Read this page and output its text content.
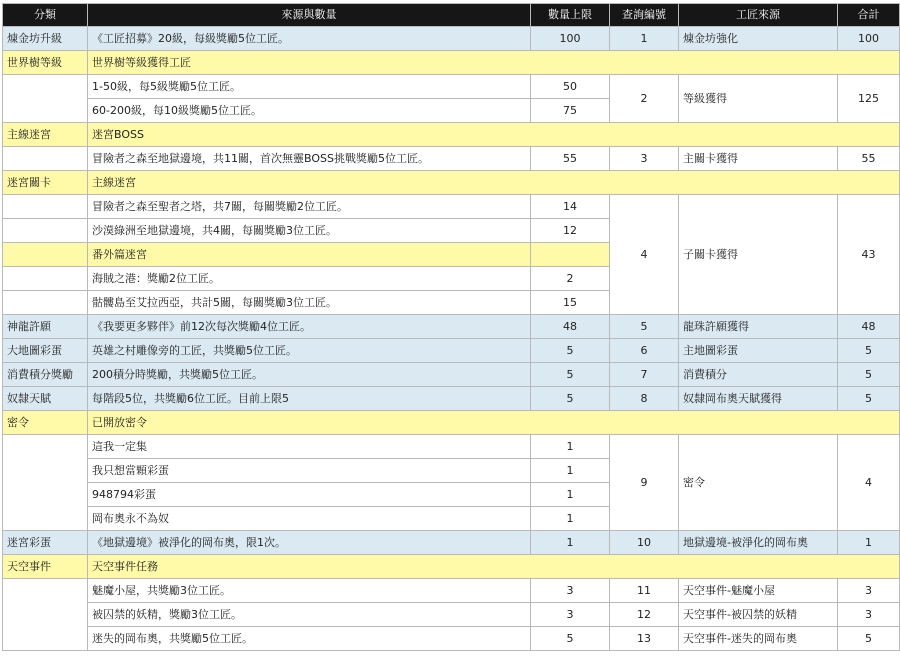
分類	來源與數量	數量上限	查詢編號	工匠來源	合計
煉金坊升級	《工匠招募》20級，每級獎勵5位工匠。	100	1	煉金坊強化	100
世界樹等級	世界樹等級獲得工匠				
	1-50級，每5級獎勵5位工匠。	50	2	等級獲得	125
	60-200級，每10級獎勵5位工匠。	75			
主線迷宮	迷宮BOSS				
	冒險者之森至地獄邊境，共11關，首次無靈BOSS挑戰獎勵5位工匠。	55	3	主關卡獲得	55
迷宮關卡	主線迷宮				
	冒險者之森至聖者之塔，共7關，每關獎勵2位工匠。	14	4	子關卡獲得	43
	沙漠綠洲至地獄邊境，共4關，每關獎勵3位工匠。	12			
	番外篇迷宮				
	海賊之港：獎勵2位工匠。	2			
	骷髏島至艾拉西亞，共計5關，每關獎勵3位工匠。	15			
神龍許願	《我要更多夥伴》前12次每次獎勵4位工匠。	48	5	龍珠許願獲得	48
大地圖彩蛋	英雄之村雕像旁的工匠，共獎勵5位工匠。	5	6	主地圖彩蛋	5
消費積分獎勵	200積分時獎勵，共獎勵5位工匠。	5	7	消費積分	5
奴隸天賦	每階段5位，共獎勵6位工匠。目前上限5	5	8	奴隸岡布奧天賦獲得	5
密令	已開放密令				
	這我一定集	1	9	密令	4
	我只想當顆彩蛋	1			
	948794彩蛋	1			
	岡布奧永不為奴	1			
迷宮彩蛋	《地獄邊境》被淨化的岡布奧，限1次。	1	10	地獄邊境-被淨化的岡布奧	1
天空事件	天空事件任務				
	魅魔小屋，共獎勵3位工匠。	3	11	天空事件-魅魔小屋	3
	被囚禁的妖精，獎勵3位工匠。	3	12	天空事件-被囚禁的妖精	3
	迷失的岡布奧，共獎勵5位工匠。	5	13	天空事件-迷失的岡布奧	5
